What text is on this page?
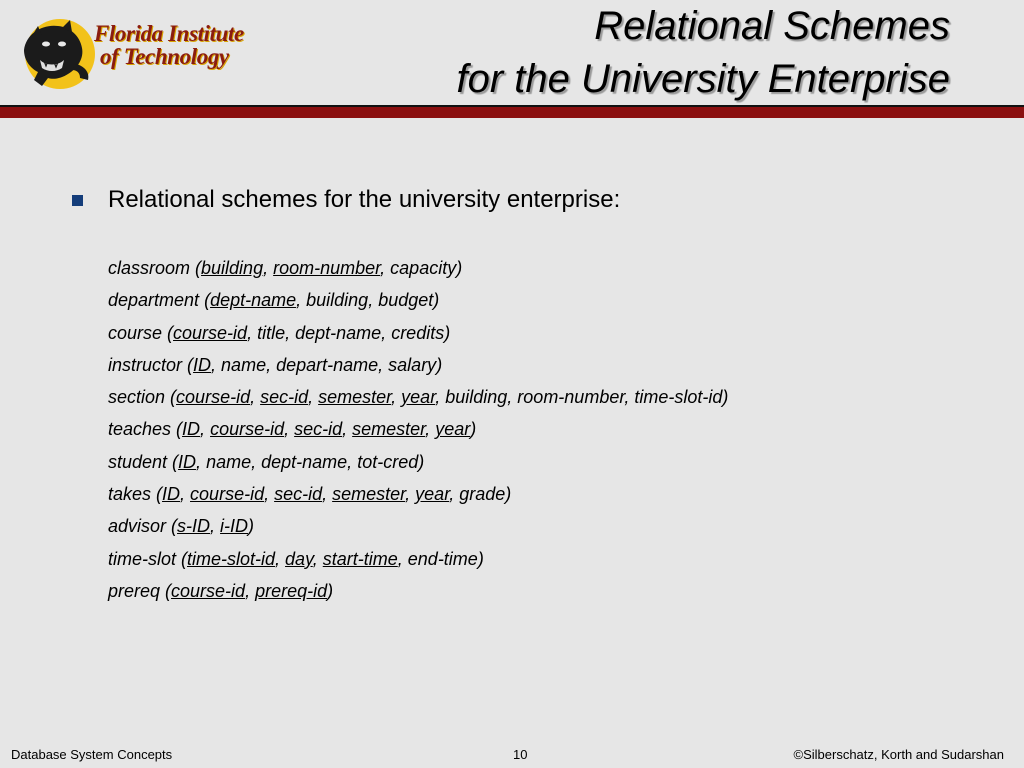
Florida Institute
of Technology
Relational Schemes
for the University Enterprise
Relational schemes for the university enterprise:
classroom (building, room-number, capacity)
department (dept-name, building, budget)
course (course-id, title, dept-name, credits)
instructor (ID, name, depart-name, salary)
section (course-id, sec-id, semester, year, building, room-number, time-slot-id)
teaches (ID, course-id, sec-id, semester, year)
student (ID, name, dept-name, tot-cred)
takes (ID, course-id, sec-id, semester, year, grade)
advisor (s-ID, i-ID)
time-slot (time-slot-id, day, start-time, end-time)
prereq (course-id, prereq-id)
Database System Concepts	10	©Silberschatz, Korth and Sudarshan
